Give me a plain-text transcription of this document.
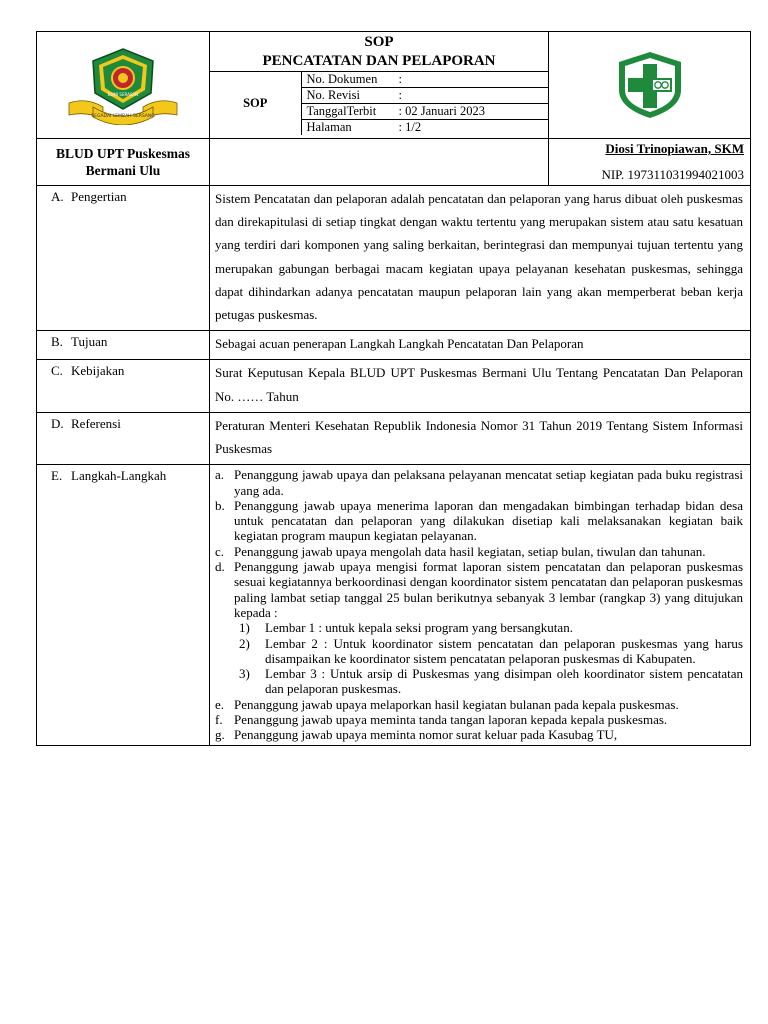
SEGADAI LEMBAH SERSANG
BUMI SERASAN

SOP
PENCATATAN DAN PELAPORAN
SOP	
No. Dokumen	:

No. Revisi	:

TanggalTerbit	: 02 Januari 2023

Halaman	: 1/2

BLUD UPT Puskesmas
Bermani Ulu

Diosi Trinopiawan, SKM
NIP. 197311031994021003

A. Pengertian	Sistem Pencatatan dan pelaporan adalah pencatatan dan pelaporan yang harus dibuat oleh puskesmas dan direkapitulasi di setiap tingkat dengan waktu tertentu yang merupakan sistem atau satu kesatuan yang terdiri dari komponen yang saling berkaitan, berintegrasi dan mempunyai tujuan tertentu yang merupakan gabungan berbagai macam kegiatan upaya pelayanan kesehatan puskesmas, sehingga dapat dihindarkan adanya pencatatan maupun pelaporan lain yang akan memperberat beban kerja petugas puskesmas.
B. Tujuan	Sebagai acuan penerapan Langkah Langkah Pencatatan Dan Pelaporan
C. Kebijakan	Surat Keputusan Kepala BLUD UPT Puskesmas Bermani Ulu Tentang Pencatatan Dan Pelaporan No. …… Tahun
D. Referensi	Peraturan Menteri Kesehatan Republik Indonesia Nomor 31 Tahun 2019 Tentang Sistem Informasi Puskesmas
E. Langkah-Langkah	a. Penanggung jawab upaya dan pelaksana pelayanan mencatat setiap kegiatan pada buku registrasi yang ada.
b. Penanggung jawab upaya menerima laporan dan mengadakan bimbingan terhadap bidan desa untuk pencatatan dan pelaporan yang dilakukan disetiap kali melaksanakan kegiatan baik kegiatan program maupun kegiatan pelayanan.
c. Penanggung jawab upaya mengolah data hasil kegiatan, setiap bulan, tiwulan dan tahunan.
d. Penanggung jawab upaya mengisi format laporan sistem pencatatan dan pelaporan puskesmas sesuai kegiatannya berkoordinasi dengan koordinator sistem pencatatan dan pelaporan puskesmas paling lambat setiap tanggal 25 bulan berikutnya sebanyak 3 lembar (rangkap 3) yang ditujukan kepada :
1)	Lembar 1 : untuk kepala seksi program yang bersangkutan.
2)	Lembar 2 : Untuk koordinator sistem pencatatan dan pelaporan puskesmas yang harus disampaikan ke koordinator sistem pencatatan pelaporan puskesmas di Kabupaten.
3)	Lembar 3 : Untuk arsip di Puskesmas yang disimpan oleh koordinator sistem pencatatan dan pelaporan puskesmas.
e. Penanggung jawab upaya melaporkan hasil kegiatan bulanan pada kepala puskesmas.
f. Penanggung jawab upaya meminta tanda tangan laporan kepada kepala puskesmas.
g. Penanggung jawab upaya meminta nomor surat keluar pada Kasubag TU,
